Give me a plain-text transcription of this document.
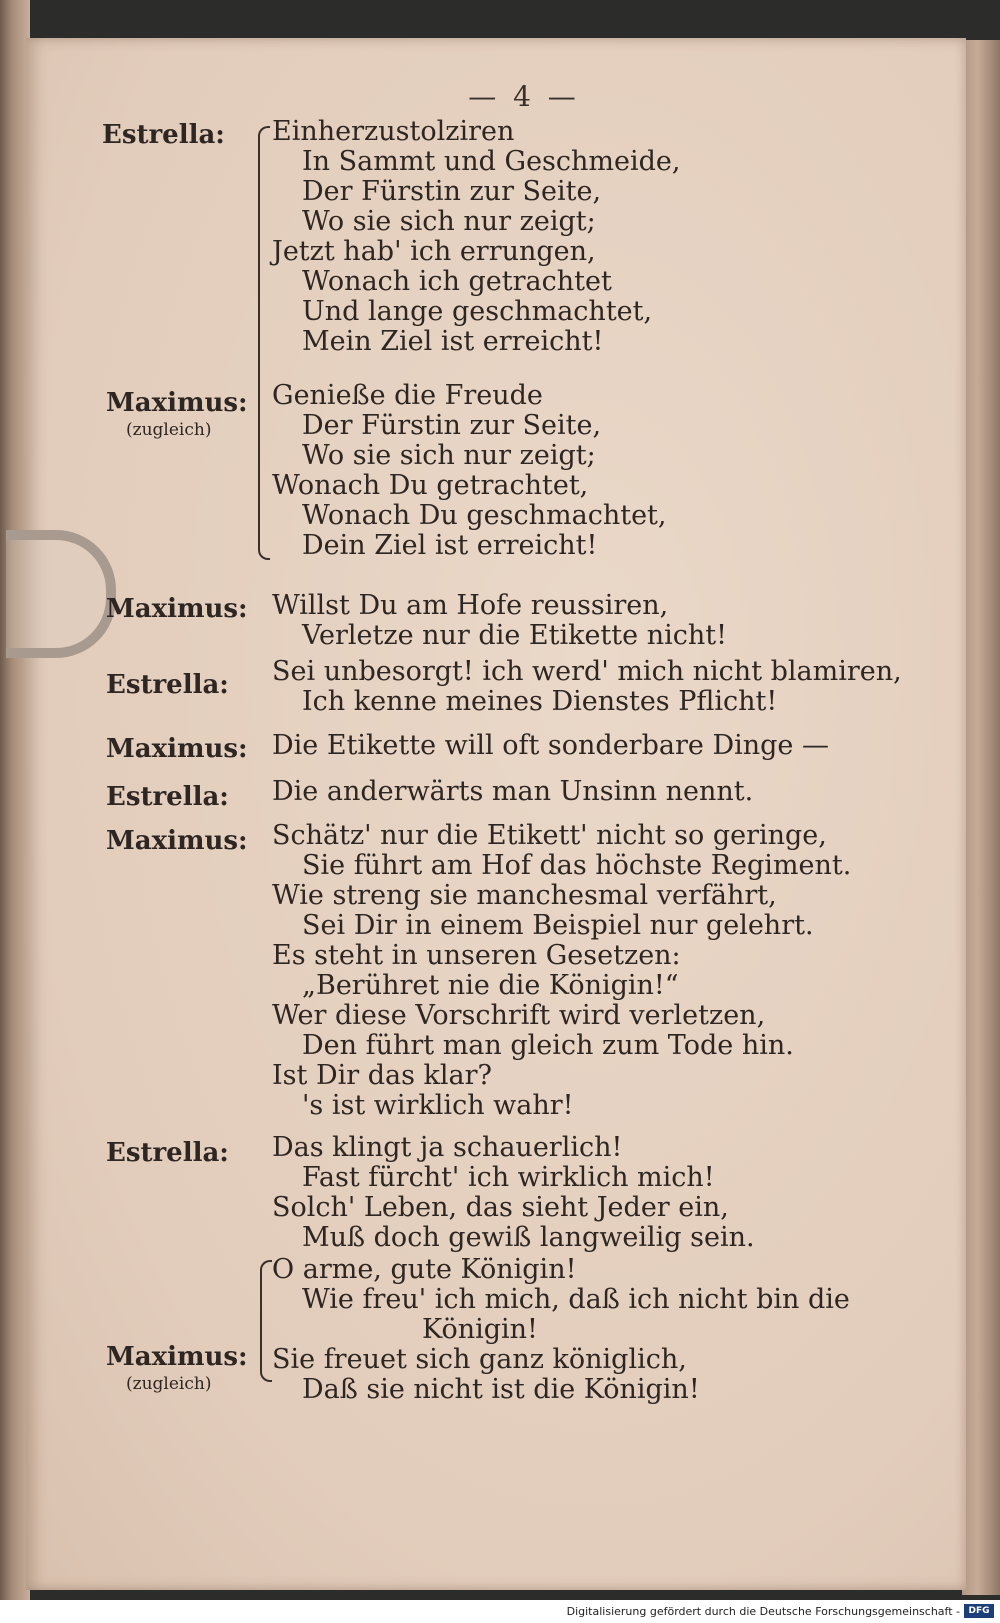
— 4 —
Estrella: Einherzustolziren
In Sammt und Geschmeide,
Der Fürstin zur Seite,
Wo sie sich nur zeigt;
Jetzt hab' ich errungen,
Wonach ich getrachtet
Und lange geschmachtet,
Mein Ziel ist erreicht!
Maximus:
(zugleich)
Genieße die Freude
Der Fürstin zur Seite,
Wo sie sich nur zeigt;
Wonach Du getrachtet,
Wonach Du geschmachtet,
Dein Ziel ist erreicht!
Maximus: Willst Du am Hofe reussiren,
Verletze nur die Etikette nicht!
Estrella: Sei unbesorgt! ich werd' mich nicht blamiren,
Ich kenne meines Dienstes Pflicht!
Maximus: Die Etikette will oft sonderbare Dinge —
Estrella: Die anderwärts man Unsinn nennt.
Maximus: Schätz' nur die Etikett' nicht so geringe,
Sie führt am Hof das höchste Regiment.
Wie streng sie manchesmal verfährt,
Sei Dir in einem Beispiel nur gelehrt.
Es steht in unseren Gesetzen:
„Berühret nie die Königin!“
Wer diese Vorschrift wird verletzen,
Den führt man gleich zum Tode hin.
Ist Dir das klar?
's ist wirklich wahr!
Estrella: Das klingt ja schauerlich!
Fast fürcht' ich wirklich mich!
Solch' Leben, das sieht Jeder ein,
Muß doch gewiß langweilig sein.
O arme, gute Königin!
Wie freu' ich mich, daß ich nicht bin die
Königin!
Maximus:
(zugleich)
Sie freuet sich ganz königlich,
Daß sie nicht ist die Königin!
Digitalisierung gefördert durch die Deutsche Forschungsgemeinschaft - DFG
